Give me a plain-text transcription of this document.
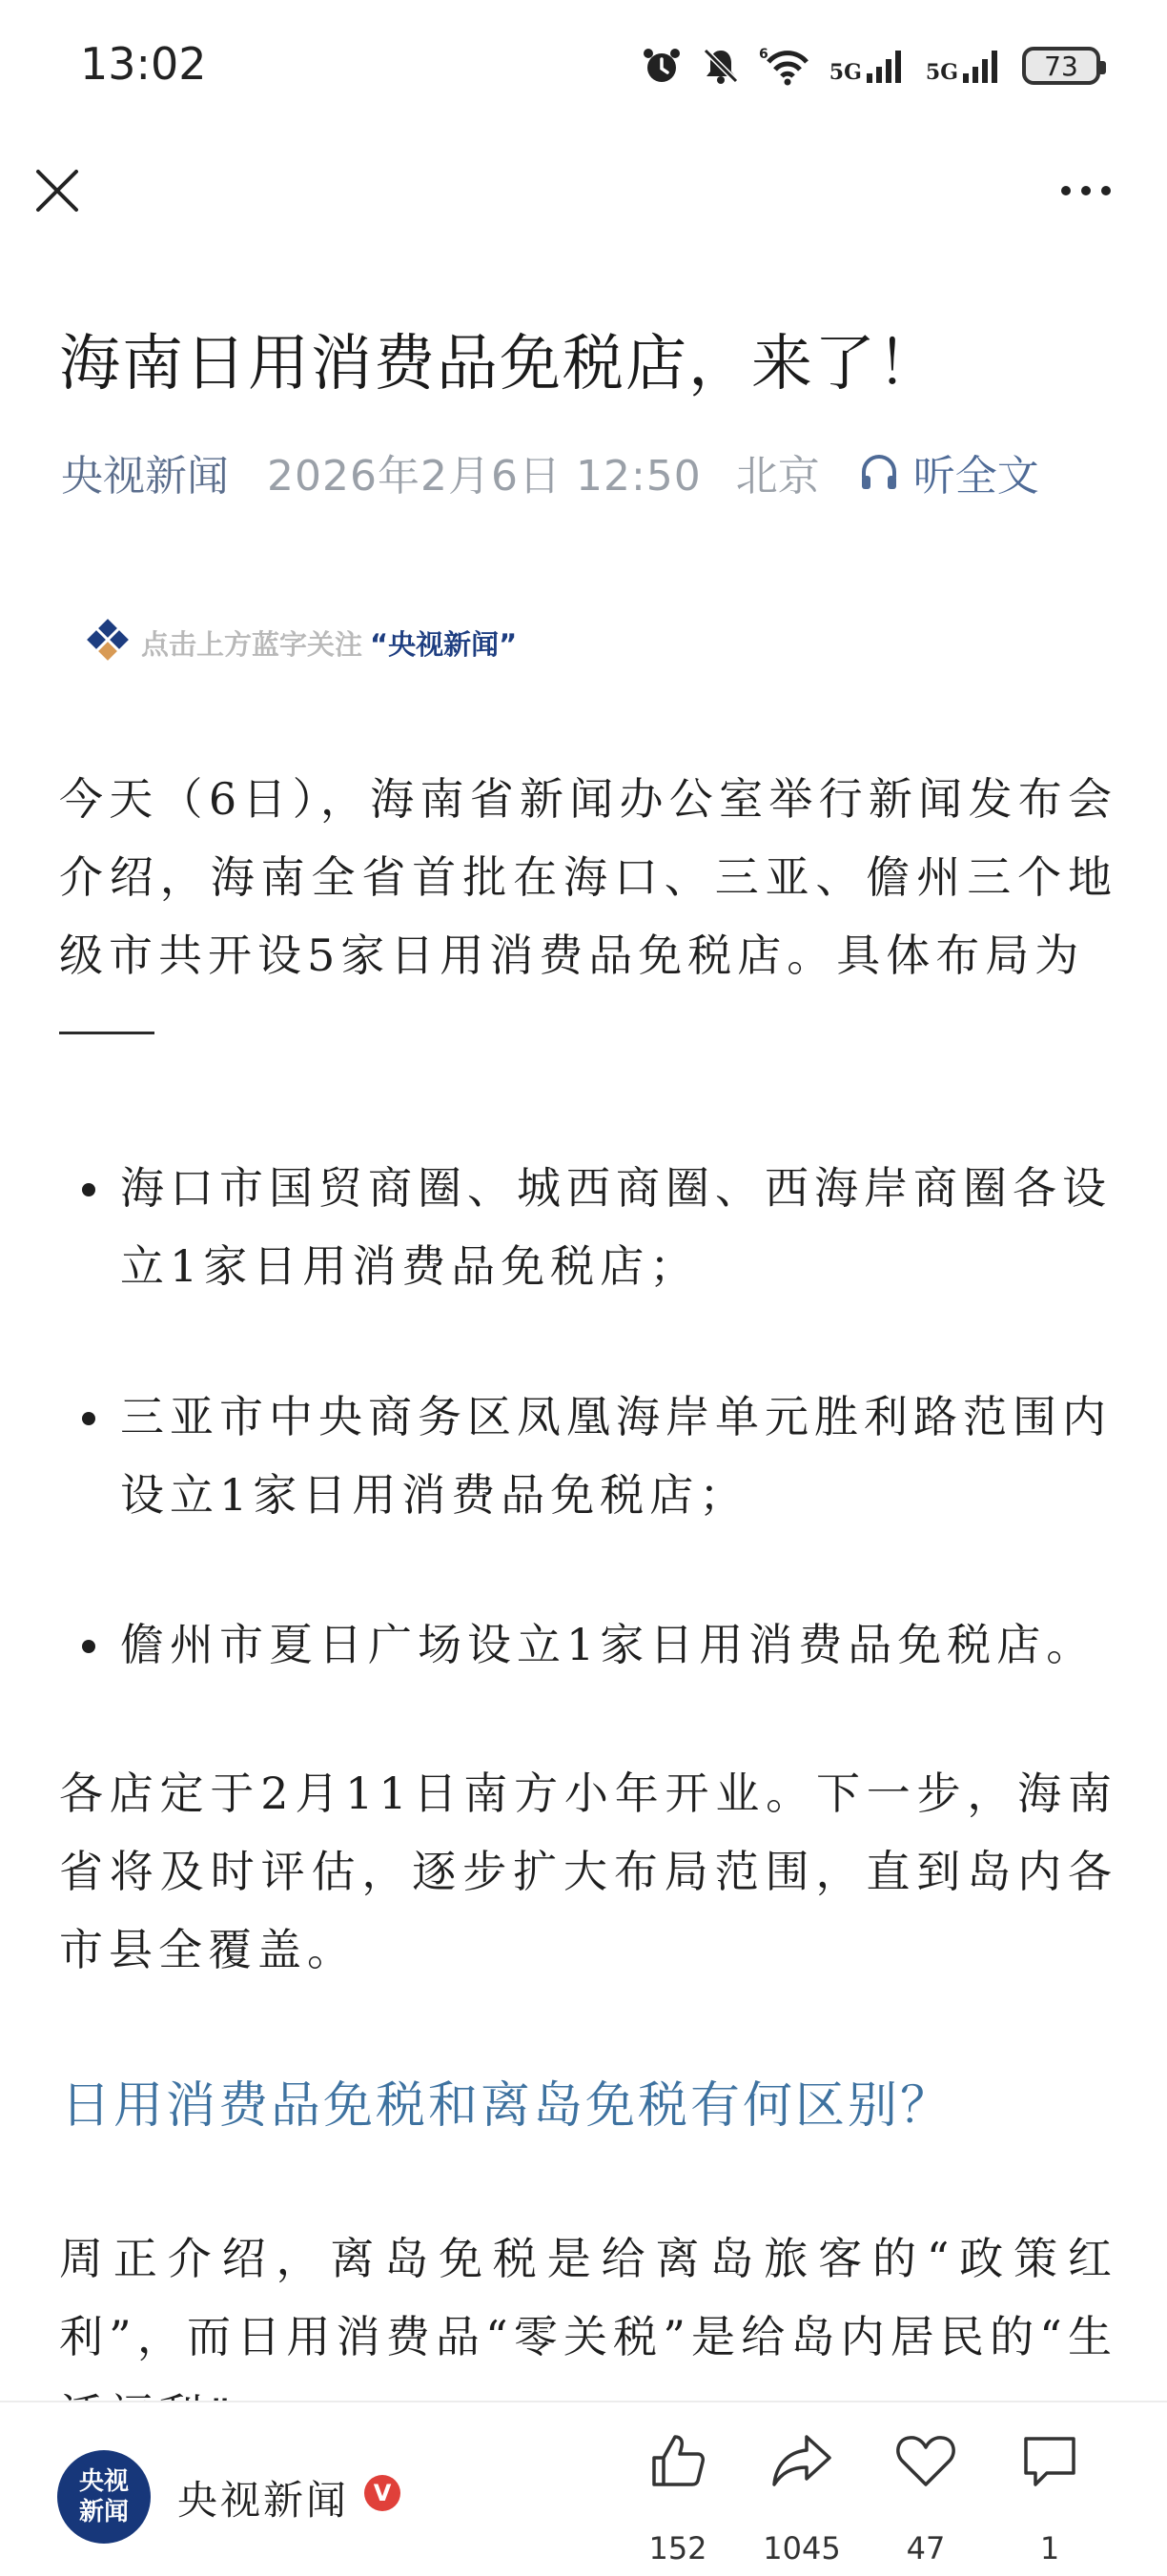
13:02	6
5G	5G	73
海南日用消费品免税店，来了！
央视新闻 2026年2月6日 12:50 北京 听全文
点击上方蓝字关注 “央视新闻”
今天（6日），海南省新闻办公室举行新闻发布会介绍，海南全省首批在海口、三亚、儋州三个地级市共开设5家日用消费品免税店。具体布局为
海口市国贸商圈、城西商圈、西海岸商圈各设立1家日用消费品免税店；
三亚市中央商务区凤凰海岸单元胜利路范围内设立1家日用消费品免税店；
儋州市夏日广场设立1家日用消费品免税店。
各店定于2月11日南方小年开业。下一步，海南省将及时评估，逐步扩大布局范围，直到岛内各市县全覆盖。
日用消费品免税和离岛免税有何区别？
周正介绍，离岛免税是给离岛旅客的“政策红利”，而日用消费品“零关税”是给岛内居民的“生
央视新闻 央视新闻	V
152	1045	47	1
